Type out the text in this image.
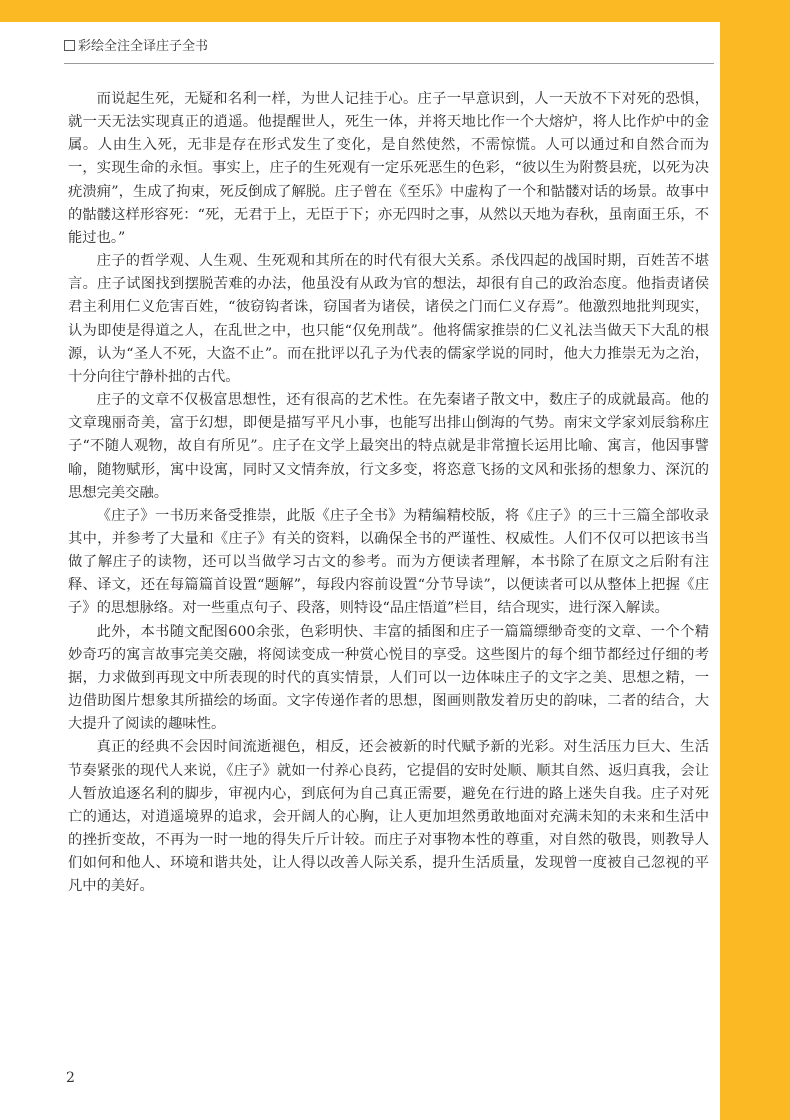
彩绘全注全译庄子全书

而说起生死，无疑和名利一样，为世人记挂于心。庄子一早意识到，人一天放不下对死的恐惧，就一天无法实现真正的逍遥。他提醒世人，死生一体，并将天地比作一个大熔炉，将人比作炉中的金属。人由生入死，无非是存在形式发生了变化，是自然使然，不需惊慌。人可以通过和自然合而为一，实现生命的永恒。事实上，庄子的生死观有一定乐死恶生的色彩，“彼以生为附赘县疣，以死为决疣溃痈”，生成了拘束，死反倒成了解脱。庄子曾在《至乐》中虚构了一个和骷髅对话的场景。故事中的骷髅这样形容死：“死，无君于上，无臣于下；亦无四时之事，从然以天地为春秋，虽南面王乐，不能过也。”

庄子的哲学观、人生观、生死观和其所在的时代有很大关系。杀伐四起的战国时期，百姓苦不堪言。庄子试图找到摆脱苦难的办法，他虽没有从政为官的想法，却很有自己的政治态度。他指责诸侯君主利用仁义危害百姓，“彼窃钩者诛，窃国者为诸侯，诸侯之门而仁义存焉”。他激烈地批判现实，认为即使是得道之人，在乱世之中，也只能“仅免刑哉”。他将儒家推崇的仁义礼法当做天下大乱的根源，认为“圣人不死，大盗不止”。而在批评以孔子为代表的儒家学说的同时，他大力推崇无为之治，十分向往宁静朴拙的古代。

庄子的文章不仅极富思想性，还有很高的艺术性。在先秦诸子散文中，数庄子的成就最高。他的文章瑰丽奇美，富于幻想，即便是描写平凡小事，也能写出排山倒海的气势。南宋文学家刘辰翁称庄子“不随人观物，故自有所见”。庄子在文学上最突出的特点就是非常擅长运用比喻、寓言，他因事譬喻，随物赋形，寓中设寓，同时又文情奔放，行文多变，将恣意飞扬的文风和张扬的想象力、深沉的思想完美交融。

《庄子》一书历来备受推崇，此版《庄子全书》为精编精校版，将《庄子》的三十三篇全部收录其中，并参考了大量和《庄子》有关的资料，以确保全书的严谨性、权威性。人们不仅可以把该书当做了解庄子的读物，还可以当做学习古文的参考。而为方便读者理解，本书除了在原文之后附有注释、译文，还在每篇篇首设置“题解”，每段内容前设置“分节导读”，以便读者可以从整体上把握《庄子》的思想脉络。对一些重点句子、段落，则特设“品庄悟道”栏目，结合现实，进行深入解读。

此外，本书随文配图600余张，色彩明快、丰富的插图和庄子一篇篇缥缈奇变的文章、一个个精妙奇巧的寓言故事完美交融，将阅读变成一种赏心悦目的享受。这些图片的每个细节都经过仔细的考据，力求做到再现文中所表现的时代的真实情景，人们可以一边体味庄子的文字之美、思想之精，一边借助图片想象其所描绘的场面。文字传递作者的思想，图画则散发着历史的韵味，二者的结合，大大提升了阅读的趣味性。

真正的经典不会因时间流逝褪色，相反，还会被新的时代赋予新的光彩。对生活压力巨大、生活节奏紧张的现代人来说，《庄子》就如一付养心良药，它提倡的安时处顺、顺其自然、返归真我，会让人暂放追逐名利的脚步，审视内心，到底何为自己真正需要，避免在行进的路上迷失自我。庄子对死亡的通达，对逍遥境界的追求，会开阔人的心胸，让人更加坦然勇敢地面对充满未知的未来和生活中的挫折变故，不再为一时一地的得失斤斤计较。而庄子对事物本性的尊重，对自然的敬畏，则教导人们如何和他人、环境和谐共处，让人得以改善人际关系，提升生活质量，发现曾一度被自己忽视的平凡中的美好。

2
